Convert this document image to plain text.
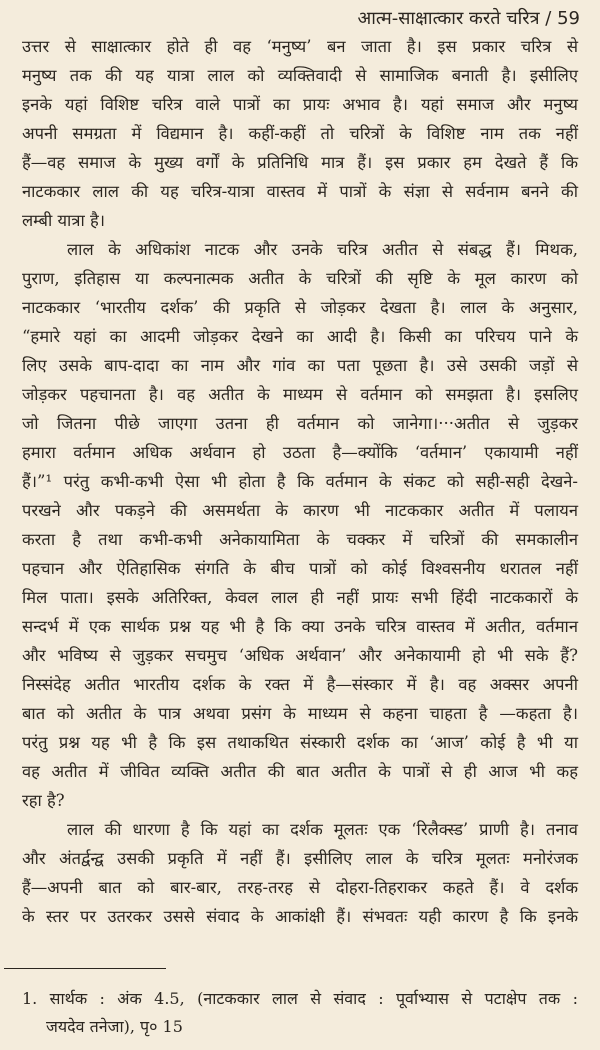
आत्म-साक्षात्कार करते चरित्र / 59
उत्तर से साक्षात्कार होते ही वह ‘मनुष्य’ बन जाता है। इस प्रकार चरित्र से
मनुष्य तक की यह यात्रा लाल को व्यक्तिवादी से सामाजिक बनाती है। इसीलिए
इनके यहां विशिष्ट चरित्र वाले पात्रों का प्रायः अभाव है। यहां समाज और मनुष्य
अपनी समग्रता में विद्यमान है। कहीं-कहीं तो चरित्रों के विशिष्ट नाम तक नहीं
हैं—वह समाज के मुख्य वर्गों के प्रतिनिधि मात्र हैं। इस प्रकार हम देखते हैं कि
नाटककार लाल की यह चरित्र-यात्रा वास्तव में पात्रों के संज्ञा से सर्वनाम बनने की
लम्बी यात्रा है।
लाल के अधिकांश नाटक और उनके चरित्र अतीत से संबद्ध हैं। मिथक,
पुराण, इतिहास या कल्पनात्मक अतीत के चरित्रों की सृष्टि के मूल कारण को
नाटककार ‘भारतीय दर्शक’ की प्रकृति से जोड़कर देखता है। लाल के अनुसार,
“हमारे यहां का आदमी जोड़कर देखने का आदी है। किसी का परिचय पाने के
लिए उसके बाप-दादा का नाम और गांव का पता पूछता है। उसे उसकी जड़ों से
जोड़कर पहचानता है। वह अतीत के माध्यम से वर्तमान को समझता है। इसलिए
जो जितना पीछे जाएगा उतना ही वर्तमान को जानेगा।···अतीत से जुड़कर
हमारा वर्तमान अधिक अर्थवान हो उठता है—क्योंकि ‘वर्तमान’ एकायामी नहीं
हैं।”¹ परंतु कभी-कभी ऐसा भी होता है कि वर्तमान के संकट को सही-सही देखने-
परखने और पकड़ने की असमर्थता के कारण भी नाटककार अतीत में पलायन
करता है तथा कभी-कभी अनेकायामिता के चक्कर में चरित्रों की समकालीन
पहचान और ऐतिहासिक संगति के बीच पात्रों को कोई विश्वसनीय धरातल नहीं
मिल पाता। इसके अतिरिक्त, केवल लाल ही नहीं प्रायः सभी हिंदी नाटककारों के
सन्दर्भ में एक सार्थक प्रश्न यह भी है कि क्या उनके चरित्र वास्तव में अतीत, वर्तमान
और भविष्य से जुड़कर सचमुच ‘अधिक अर्थवान’ और अनेकायामी हो भी सके हैं?
निस्संदेह अतीत भारतीय दर्शक के रक्त में है—संस्कार में है। वह अक्सर अपनी
बात को अतीत के पात्र अथवा प्रसंग के माध्यम से कहना चाहता है —कहता है।
परंतु प्रश्न यह भी है कि इस तथाकथित संस्कारी दर्शक का ‘आज’ कोई है भी या
वह अतीत में जीवित व्यक्ति अतीत की बात अतीत के पात्रों से ही आज भी कह
रहा है?
लाल की धारणा है कि यहां का दर्शक मूलतः एक ‘रिलैक्स्ड’ प्राणी है। तनाव
और अंतर्द्वन्द्व उसकी प्रकृति में नहीं हैं। इसीलिए लाल के चरित्र मूलतः मनोरंजक
हैं—अपनी बात को बार-बार, तरह-तरह से दोहरा-तिहराकर कहते हैं। वे दर्शक
के स्तर पर उतरकर उससे संवाद के आकांक्षी हैं। संभवतः यही कारण है कि इनके
1. सार्थक : अंक 4.5, (नाटककार लाल से संवाद : पूर्वाभ्यास से पटाक्षेप तक :
जयदेव तनेजा), पृ० 15
